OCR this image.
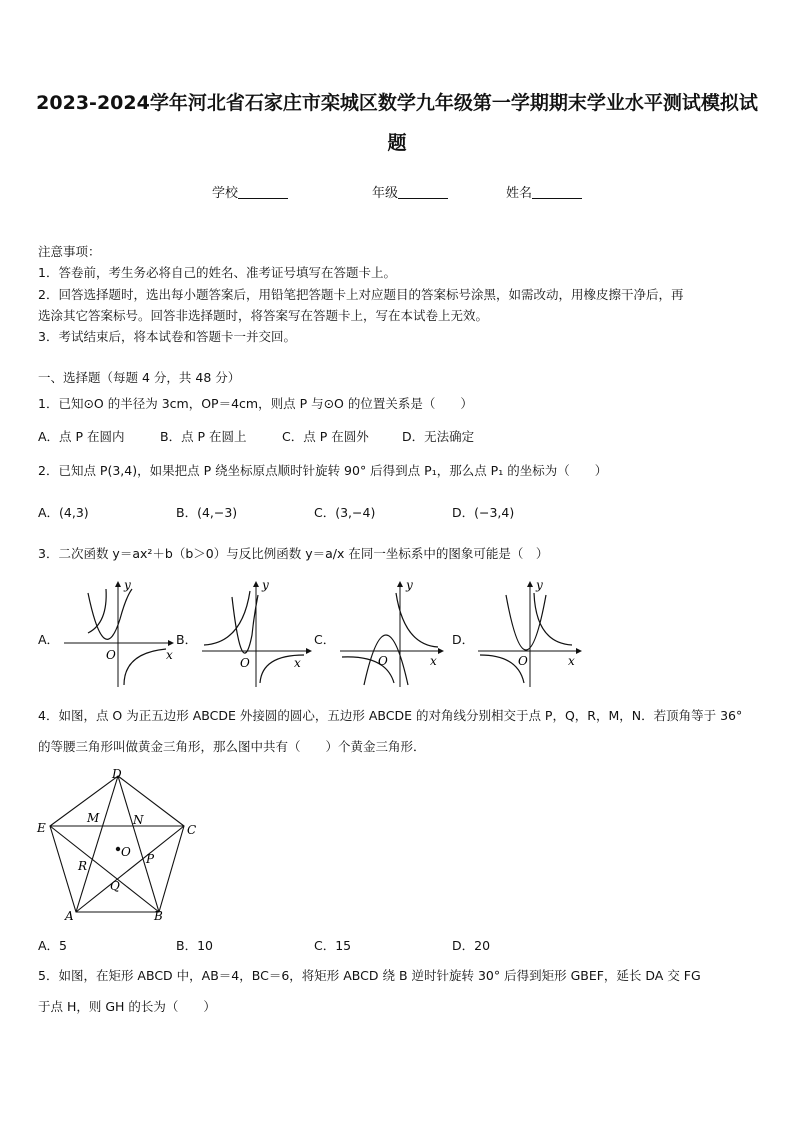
2023-2024学年河北省石家庄市栾城区数学九年级第一学期期末学业水平测试模拟试
题
学校	年级	姓名
注意事项：
1．答卷前，考生务必将自己的姓名、准考证号填写在答题卡上。
2．回答选择题时，选出每小题答案后，用铅笔把答题卡上对应题目的答案标号涂黑，如需改动，用橡皮擦干净后，再
选涂其它答案标号。回答非选择题时，将答案写在答题卡上，写在本试卷上无效。
3．考试结束后，将本试卷和答题卡一并交回。
一、选择题（每题 4 分，共 48 分）
1．已知⊙O 的半径为 3cm，OP＝4cm，则点 P 与⊙O 的位置关系是（　　）
A．点 P 在圆内	B．点 P 在圆上	C．点 P 在圆外	D．无法确定
2．已知点 P(3,4)，如果把点 P 绕坐标原点顺时针旋转 90° 后得到点 P₁，那么点 P₁ 的坐标为（　　）
A．(4,3)	B．(4,−3)	C．(3,−4)	D．(−3,4)
3．二次函数 y＝ax²＋b（b＞0）与反比例函数 y＝a/x 在同一坐标系中的图象可能是（　）
A．
O
y
x
B．
O
y
x
C．
O
y
x
D．
O
y
x
4．如图，点 O 为正五边形 ABCDE 外接圆的圆心，五边形 ABCDE 的对角线分别相交于点 P，Q，R，M，N．若顶角等于 36°
的等腰三角形叫做黄金三角形，那么图中共有（　　）个黄金三角形．
D
C
E
A	B
M	N
O P
Q
R
A．5	B．10	C．15	D．20
5．如图，在矩形 ABCD 中，AB＝4，BC＝6，将矩形 ABCD 绕 B 逆时针旋转 30° 后得到矩形 GBEF，延长 DA 交 FG
于点 H，则 GH 的长为（　　）
